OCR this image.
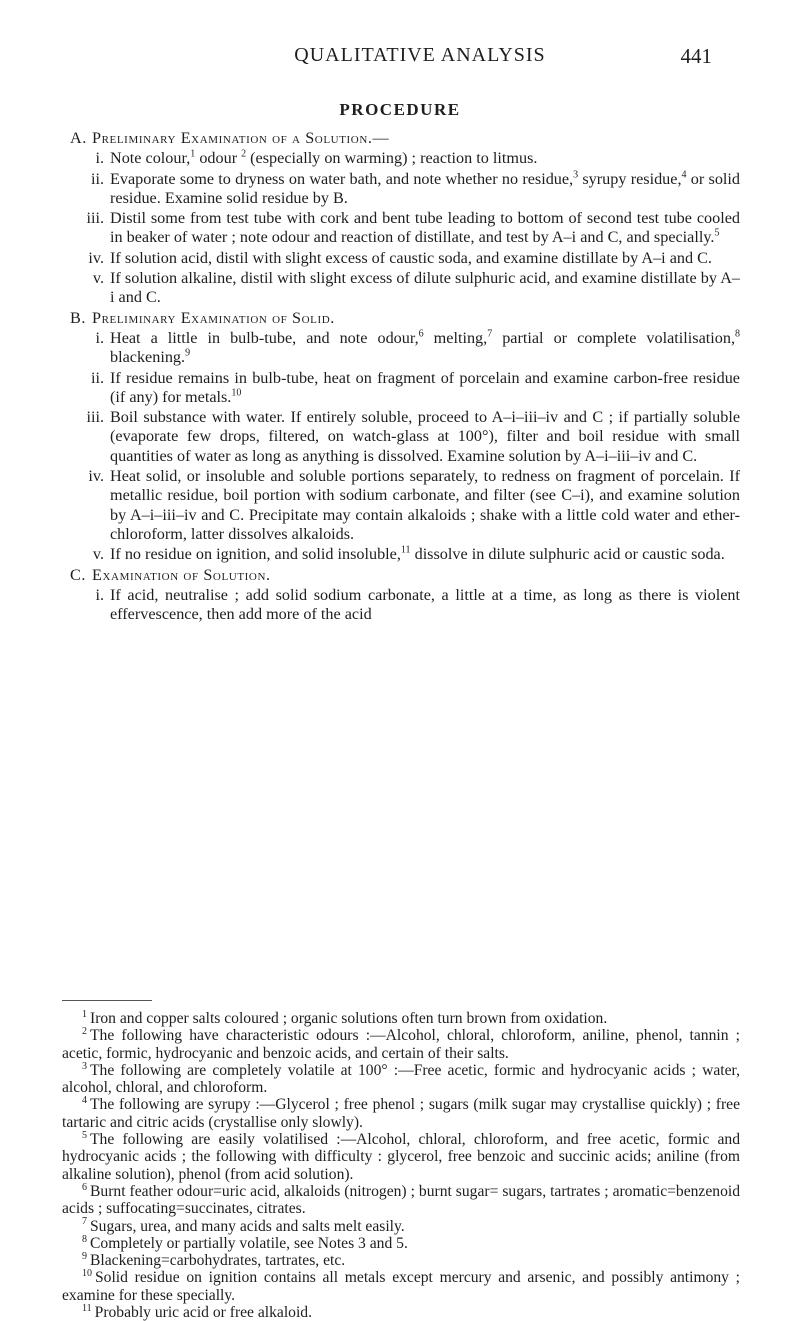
QUALITATIVE ANALYSIS	441
PROCEDURE
A. Preliminary Examination of a Solution.—
i. Note colour,$^1$ odour $^2$ (especially on warming) ; reaction to litmus.
ii. Evaporate some to dryness on water bath, and note whether no residue,$^3$ syrupy residue,$^4$ or solid residue. Examine solid residue by B.
iii. Distil some from test tube with cork and bent tube leading to bottom of second test tube cooled in beaker of water ; note odour and reaction of distillate, and test by A–i and C, and specially.$^5$
iv. If solution acid, distil with slight excess of caustic soda, and examine distillate by A–i and C.
v. If solution alkaline, distil with slight excess of dilute sulphuric acid, and examine distillate by A–i and C.
B. Preliminary Examination of Solid.
i. Heat a little in bulb-tube, and note odour,$^6$ melting,$^7$ partial or complete volatilisation,$^8$ blackening.$^9$
ii. If residue remains in bulb-tube, heat on fragment of porcelain and examine carbon-free residue (if any) for metals.$^{10}$
iii. Boil substance with water. If entirely soluble, proceed to A–i–iii–iv and C ; if partially soluble (evaporate few drops, filtered, on watch-glass at 100°), filter and boil residue with small quantities of water as long as anything is dissolved. Examine solution by A–i–iii–iv and C.
iv. Heat solid, or insoluble and soluble portions separately, to redness on fragment of porcelain. If metallic residue, boil portion with sodium carbonate, and filter (see C–i), and examine solution by A–i–iii–iv and C. Precipitate may contain alkaloids ; shake with a little cold water and ether-chloroform, latter dissolves alkaloids.
v. If no residue on ignition, and solid insoluble,$^{11}$ dissolve in dilute sulphuric acid or caustic soda.
C. Examination of Solution.
i. If acid, neutralise ; add solid sodium carbonate, a little at a time, as long as there is violent effervescence, then add more of the acid

$^1$ Iron and copper salts coloured ; organic solutions often turn brown from oxidation.

$^2$ The following have characteristic odours :—Alcohol, chloral, chloroform, aniline, phenol, tannin ; acetic, formic, hydrocyanic and benzoic acids, and certain of their salts.

$^3$ The following are completely volatile at 100° :—Free acetic, formic and hydrocyanic acids ; water, alcohol, chloral, and chloroform.

$^4$ The following are syrupy :—Glycerol ; free phenol ; sugars (milk sugar may crystallise quickly) ; free tartaric and citric acids (crystallise only slowly).

$^5$ The following are easily volatilised :—Alcohol, chloral, chloroform, and free acetic, formic and hydrocyanic acids ; the following with difficulty : glycerol, free benzoic and succinic acids; aniline (from alkaline solution), phenol (from acid solution).

$^6$ Burnt feather odour=uric acid, alkaloids (nitrogen) ; burnt sugar= sugars, tartrates ; aromatic=benzenoid acids ; suffocating=succinates, citrates.

$^7$ Sugars, urea, and many acids and salts melt easily.

$^8$ Completely or partially volatile, see Notes 3 and 5.

$^9$ Blackening=carbohydrates, tartrates, etc.

$^{10}$ Solid residue on ignition contains all metals except mercury and arsenic, and possibly antimony ; examine for these specially.

$^{11}$ Probably uric acid or free alkaloid.
